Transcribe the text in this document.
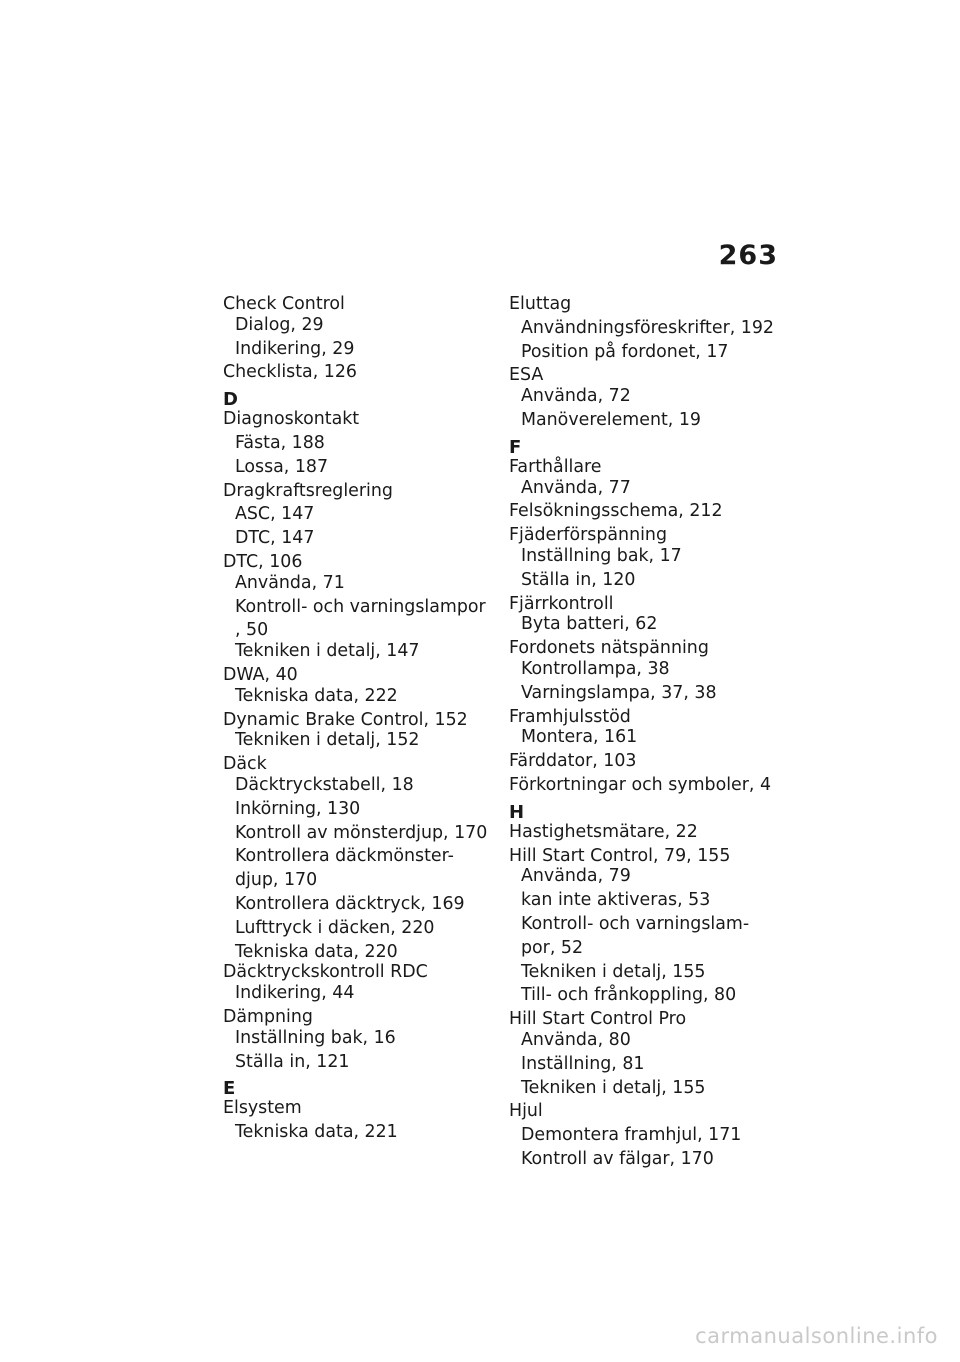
263
Check Control
Dialog, 29
Indikering, 29
Checklista, 126
D
Diagnoskontakt
Fästa, 188
Lossa, 187
Dragkraftsreglering
ASC, 147
DTC, 147
DTC, 106
Använda, 71
Kontroll- och varningslampor
, 50
Tekniken i detalj, 147
DWA, 40
Tekniska data, 222
Dynamic Brake Control, 152
Tekniken i detalj, 152
Däck
Däcktryckstabell, 18
Inkörning, 130
Kontroll av mönsterdjup, 170
Kontrollera däckmönster-
djup, 170
Kontrollera däcktryck, 169
Lufttryck i däcken, 220
Tekniska data, 220
Däcktryckskontroll RDC
Indikering, 44
Dämpning
Inställning bak, 16
Ställa in, 121
E
Elsystem
Tekniska data, 221
Eluttag
Användningsföreskrifter, 192
Position på fordonet, 17
ESA
Använda, 72
Manöverelement, 19
F
Farthållare
Använda, 77
Felsökningsschema, 212
Fjäderförspänning
Inställning bak, 17
Ställa in, 120
Fjärrkontroll
Byta batteri, 62
Fordonets nätspänning
Kontrollampa, 38
Varningslampa, 37, 38
Framhjulsstöd
Montera, 161
Färddator, 103
Förkortningar och symboler, 4
H
Hastighetsmätare, 22
Hill Start Control, 79, 155
Använda, 79
kan inte aktiveras, 53
Kontroll- och varningslam-
por, 52
Tekniken i detalj, 155
Till- och frånkoppling, 80
Hill Start Control Pro
Använda, 80
Inställning, 81
Tekniken i detalj, 155
Hjul
Demontera framhjul, 171
Kontroll av fälgar, 170
carmanualsonline.info
